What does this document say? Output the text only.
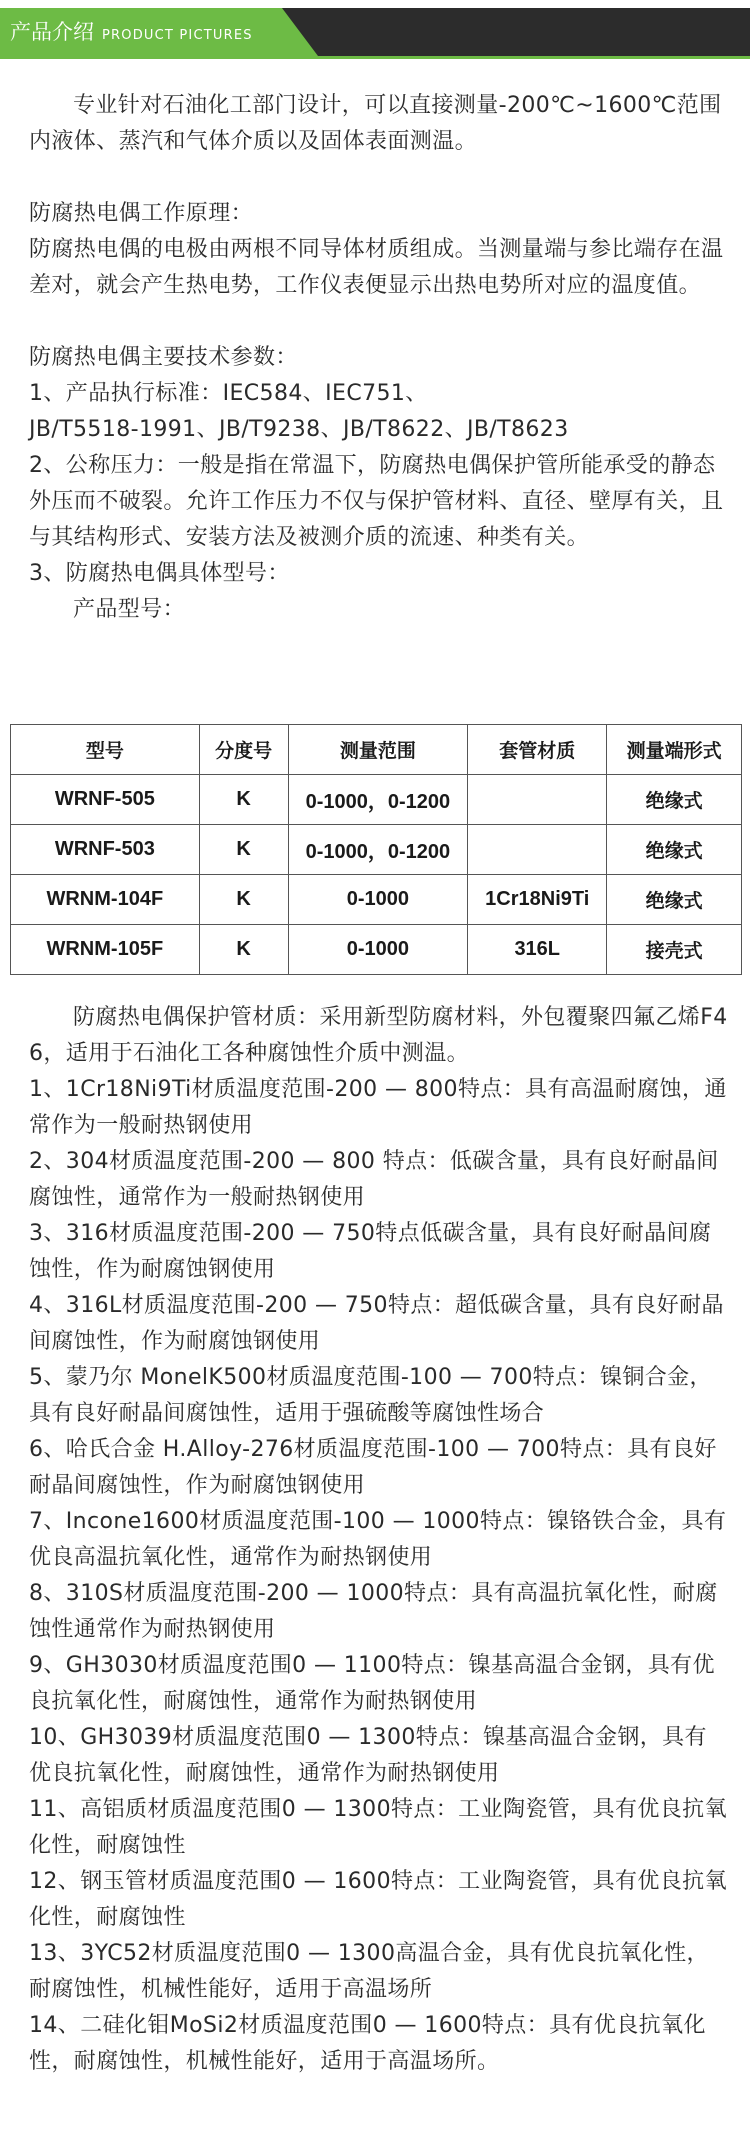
产品介绍 PRODUCT PICTURES

专业针对石油化工部门设计，可以直接测量-200℃~1600℃范围内液体、蒸汽和气体介质以及固体表面测温。

防腐热电偶工作原理：

防腐热电偶的电极由两根不同导体材质组成。当测量端与参比端存在温差对，就会产生热电势，工作仪表便显示出热电势所对应的温度值。

防腐热电偶主要技术参数：

1、产品执行标准：IEC584、IEC751、

JB/T5518-1991、JB/T9238、JB/T8622、JB/T8623

2、公称压力：一般是指在常温下，防腐热电偶保护管所能承受的静态外压而不破裂。允许工作压力不仅与保护管材料、直径、壁厚有关，且与其结构形式、安装方法及被测介质的流速、种类有关。

3、防腐热电偶具体型号：

产品型号：

型号	分度号	测量范围	套管材质	测量端形式
WRNF-505	K	0-1000，0-1200		绝缘式
WRNF-503	K	0-1000，0-1200		绝缘式
WRNM-104F	K	0-1000	1Cr18Ni9Ti	绝缘式
WRNM-105F	K	0-1000	316L	接壳式

防腐热电偶保护管材质：采用新型防腐材料，外包覆聚四氟乙烯F46，适用于石油化工各种腐蚀性介质中测温。

1、1Cr18Ni9Ti材质温度范围-200 — 800特点：具有高温耐腐蚀，通常作为一般耐热钢使用

2、304材质温度范围-200 — 800 特点：低碳含量，具有良好耐晶间腐蚀性，通常作为一般耐热钢使用

3、316材质温度范围-200 — 750特点低碳含量，具有良好耐晶间腐蚀性，作为耐腐蚀钢使用

4、316L材质温度范围-200 — 750特点：超低碳含量，具有良好耐晶间腐蚀性，作为耐腐蚀钢使用

5、蒙乃尔 MonelK500材质温度范围-100 — 700特点：镍铜合金，具有良好耐晶间腐蚀性，适用于强硫酸等腐蚀性场合

6、哈氏合金 H.Alloy-276材质温度范围-100 — 700特点：具有良好耐晶间腐蚀性，作为耐腐蚀钢使用

7、Incone1600材质温度范围-100 — 1000特点：镍铬铁合金，具有优良高温抗氧化性，通常作为耐热钢使用

8、310S材质温度范围-200 — 1000特点：具有高温抗氧化性，耐腐蚀性通常作为耐热钢使用

9、GH3030材质温度范围0 — 1100特点：镍基高温合金钢，具有优良抗氧化性，耐腐蚀性，通常作为耐热钢使用

10、GH3039材质温度范围0 — 1300特点：镍基高温合金钢，具有优良抗氧化性，耐腐蚀性，通常作为耐热钢使用

11、高铝质材质温度范围0 — 1300特点：工业陶瓷管，具有优良抗氧化性，耐腐蚀性

12、钢玉管材质温度范围0 — 1600特点：工业陶瓷管，具有优良抗氧化性，耐腐蚀性

13、3YC52材质温度范围0 — 1300高温合金，具有优良抗氧化性，耐腐蚀性，机械性能好，适用于高温场所

14、二硅化钼MoSi2材质温度范围0 — 1600特点：具有优良抗氧化性，耐腐蚀性，机械性能好，适用于高温场所。
